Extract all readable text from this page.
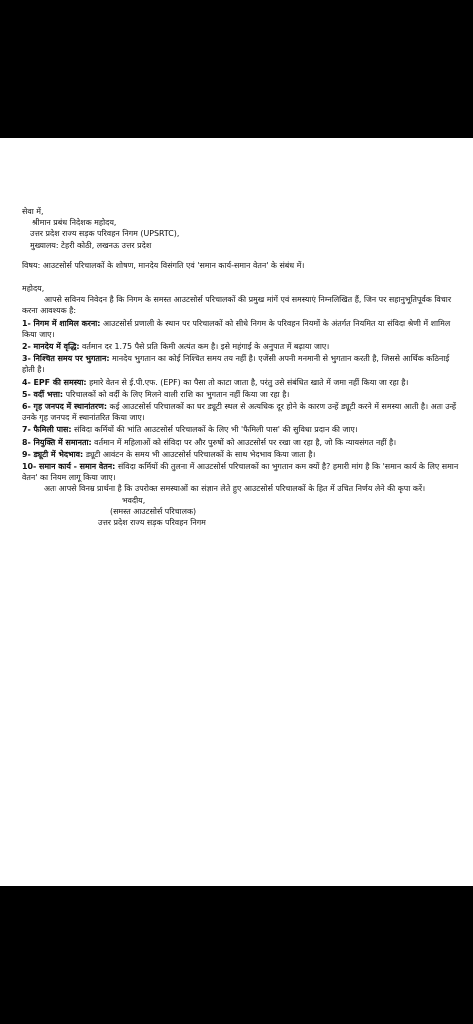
सेवा में,
श्रीमान प्रबंध निदेशक महोदय,
उत्तर प्रदेश राज्य सड़क परिवहन निगम (UPSRTC),
मुख्यालय: टेहरी कोठी, लखनऊ उत्तर प्रदेश
विषय: आउटसोर्स परिचालकों के शोषण, मानदेय विसंगति एवं 'समान कार्य-समान वेतन' के संबंध में।
महोदय,
आपसे सविनय निवेदन है कि निगम के समस्त आउटसोर्स परिचालकों की प्रमुख मांगें एवं समस्याएं निम्नलिखित हैं, जिन पर सहानुभूतिपूर्वक विचार करना आवश्यक है:
1- निगम में शामिल करना: आउटसोर्स प्रणाली के स्थान पर परिचालकों को सीधे निगम के परिवहन नियमों के अंतर्गत नियमित या संविदा श्रेणी में शामिल किया जाए।
2- मानदेय में वृद्धि: वर्तमान दर 1.75 पैसे प्रति किमी अत्यंत कम है। इसे महंगाई के अनुपात में बढ़ाया जाए।
3- निश्चित समय पर भुगतान: मानदेय भुगतान का कोई निश्चित समय तय नहीं है। एजेंसी अपनी मनमानी से भुगतान करती है, जिससे आर्थिक कठिनाई होती है।
4- EPF की समस्या: हमारे वेतन से ई.पी.एफ. (EPF) का पैसा तो काटा जाता है, परंतु उसे संबंधित खाते में जमा नहीं किया जा रहा है।
5- वर्दी भत्ता: परिचालकों को वर्दी के लिए मिलने वाली राशि का भुगतान नहीं किया जा रहा है।
6- गृह जनपद में स्थानांतरण: कई आउटसोर्स परिचालकों का घर ड्यूटी स्थल से अत्यधिक दूर होने के कारण उन्हें ड्यूटी करने में समस्या आती है। अतः उन्हें उनके गृह जनपद में स्थानांतरित किया जाए।
7- फैमिली पास: संविदा कर्मियों की भांति आउटसोर्स परिचालकों के लिए भी 'फैमिली पास' की सुविधा प्रदान की जाए।
8- नियुक्ति में समानता: वर्तमान में महिलाओं को संविदा पर और पुरुषों को आउटसोर्स पर रखा जा रहा है, जो कि न्यायसंगत नहीं है।
9- ड्यूटी में भेदभाव: ड्यूटी आवंटन के समय भी आउटसोर्स परिचालकों के साथ भेदभाव किया जाता है।
10- समान कार्य - समान वेतन: संविदा कर्मियों की तुलना में आउटसोर्स परिचालकों का भुगतान कम क्यों है? हमारी मांग है कि 'समान कार्य के लिए समान वेतन' का नियम लागू किया जाए।
अतः आपसे विनम्र प्रार्थना है कि उपरोक्त समस्याओं का संज्ञान लेते हुए आउटसोर्स परिचालकों के हित में उचित निर्णय लेने की कृपा करें।
भवदीय,
(समस्त आउटसोर्स परिचालक)
उत्तर प्रदेश राज्य सड़क परिवहन निगम
